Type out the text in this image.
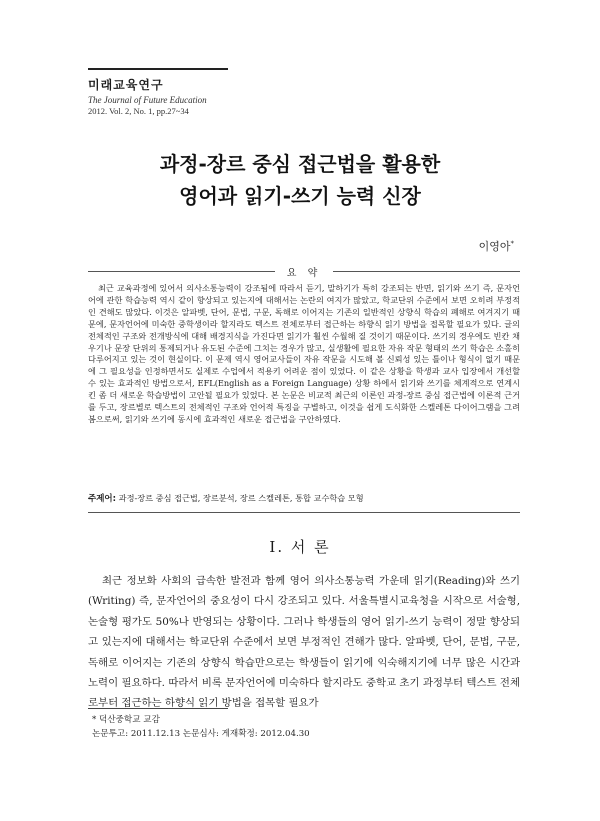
미래교육연구
The Journal of Future Education
2012. Vol. 2, No. 1, pp.27~34
과정-장르 중심 접근법을 활용한
영어과 읽기-쓰기 능력 신장
이영아*
요 약

최근 교육과정에 있어서 의사소통능력이 강조됨에 따라서 듣기, 말하기가 특히 강조되는 반면, 읽기와 쓰기 즉, 문자언어에 관한 학습능력 역시 같이 향상되고 있는지에 대해서는 논란의 여지가 많았고, 학교단위 수준에서 보면 오히려 부정적인 견해도 많았다. 이것은 알파벳, 단어, 문법, 구문, 독해로 이어지는 기존의 일반적인 상향식 학습의 폐해로 여겨지기 때문에, 문자언어에 미숙한 중학생이라 할지라도 텍스트 전체로부터 접근하는 하향식 읽기 방법을 접목할 필요가 있다. 글의 전체적인 구조와 전개방식에 대해 배경지식을 가진다면 읽기가 훨씬 수월해 질 것이기 때문이다. 쓰기의 경우에도 빈칸 채우기나 문장 단위의 통제되거나 유도된 수준에 그치는 경우가 많고, 실생활에 필요한 자유 작문 형태의 쓰기 학습은 소홀히 다루어지고 있는 것이 현실이다. 이 문제 역시 영어교사들이 자유 작문을 시도해 볼 신뢰성 있는 틀이나 형식이 없기 때문에 그 필요성을 인정하면서도 실제로 수업에서 적용키 어려운 점이 있었다. 이 같은 상황을 학생과 교사 입장에서 개선할 수 있는 효과적인 방법으로서, EFL(English as a Foreign Language) 상황 하에서 읽기와 쓰기를 체계적으로 연계시킨 좀 더 새로운 학습방법이 고안될 필요가 있었다. 본 논문은 비교적 최근의 이론인 과정-장르 중심 접근법에 이론적 근거를 두고, 장르별로 텍스트의 전체적인 구조와 언어적 특징을 구별하고, 이것을 쉽게 도식화한 스켈레톤 다이어그램을 그려 봄으로써, 읽기와 쓰기에 동시에 효과적인 새로운 접근법을 구안하였다.

주제어: 과정-장르 중심 접근법, 장르분석, 장르 스켈레톤, 통합 교수학습 모형
I. 서 론

최근 정보화 사회의 급속한 발전과 함께 영어 의사소통능력 가운데 읽기(Reading)와 쓰기(Writing) 즉, 문자언어의 중요성이 다시 강조되고 있다. 서울특별시교육청을 시작으로 서술형, 논술형 평가도 50%나 반영되는 상황이다. 그러나 학생들의 영어 읽기-쓰기 능력이 정말 향상되고 있는지에 대해서는 학교단위 수준에서 보면 부정적인 견해가 많다. 알파벳, 단어, 문법, 구문, 독해로 이어지는 기존의 상향식 학습만으로는 학생들이 읽기에 익숙해지기에 너무 많은 시간과 노력이 필요하다. 따라서 비록 문자언어에 미숙하다 할지라도 중학교 초기 과정부터 텍스트 전체로부터 접근하는 하향식 읽기 방법을 접목할 필요가

* 덕산중학교 교감
논문투고: 2011.12.13 논문심사: 게재확정: 2012.04.30
